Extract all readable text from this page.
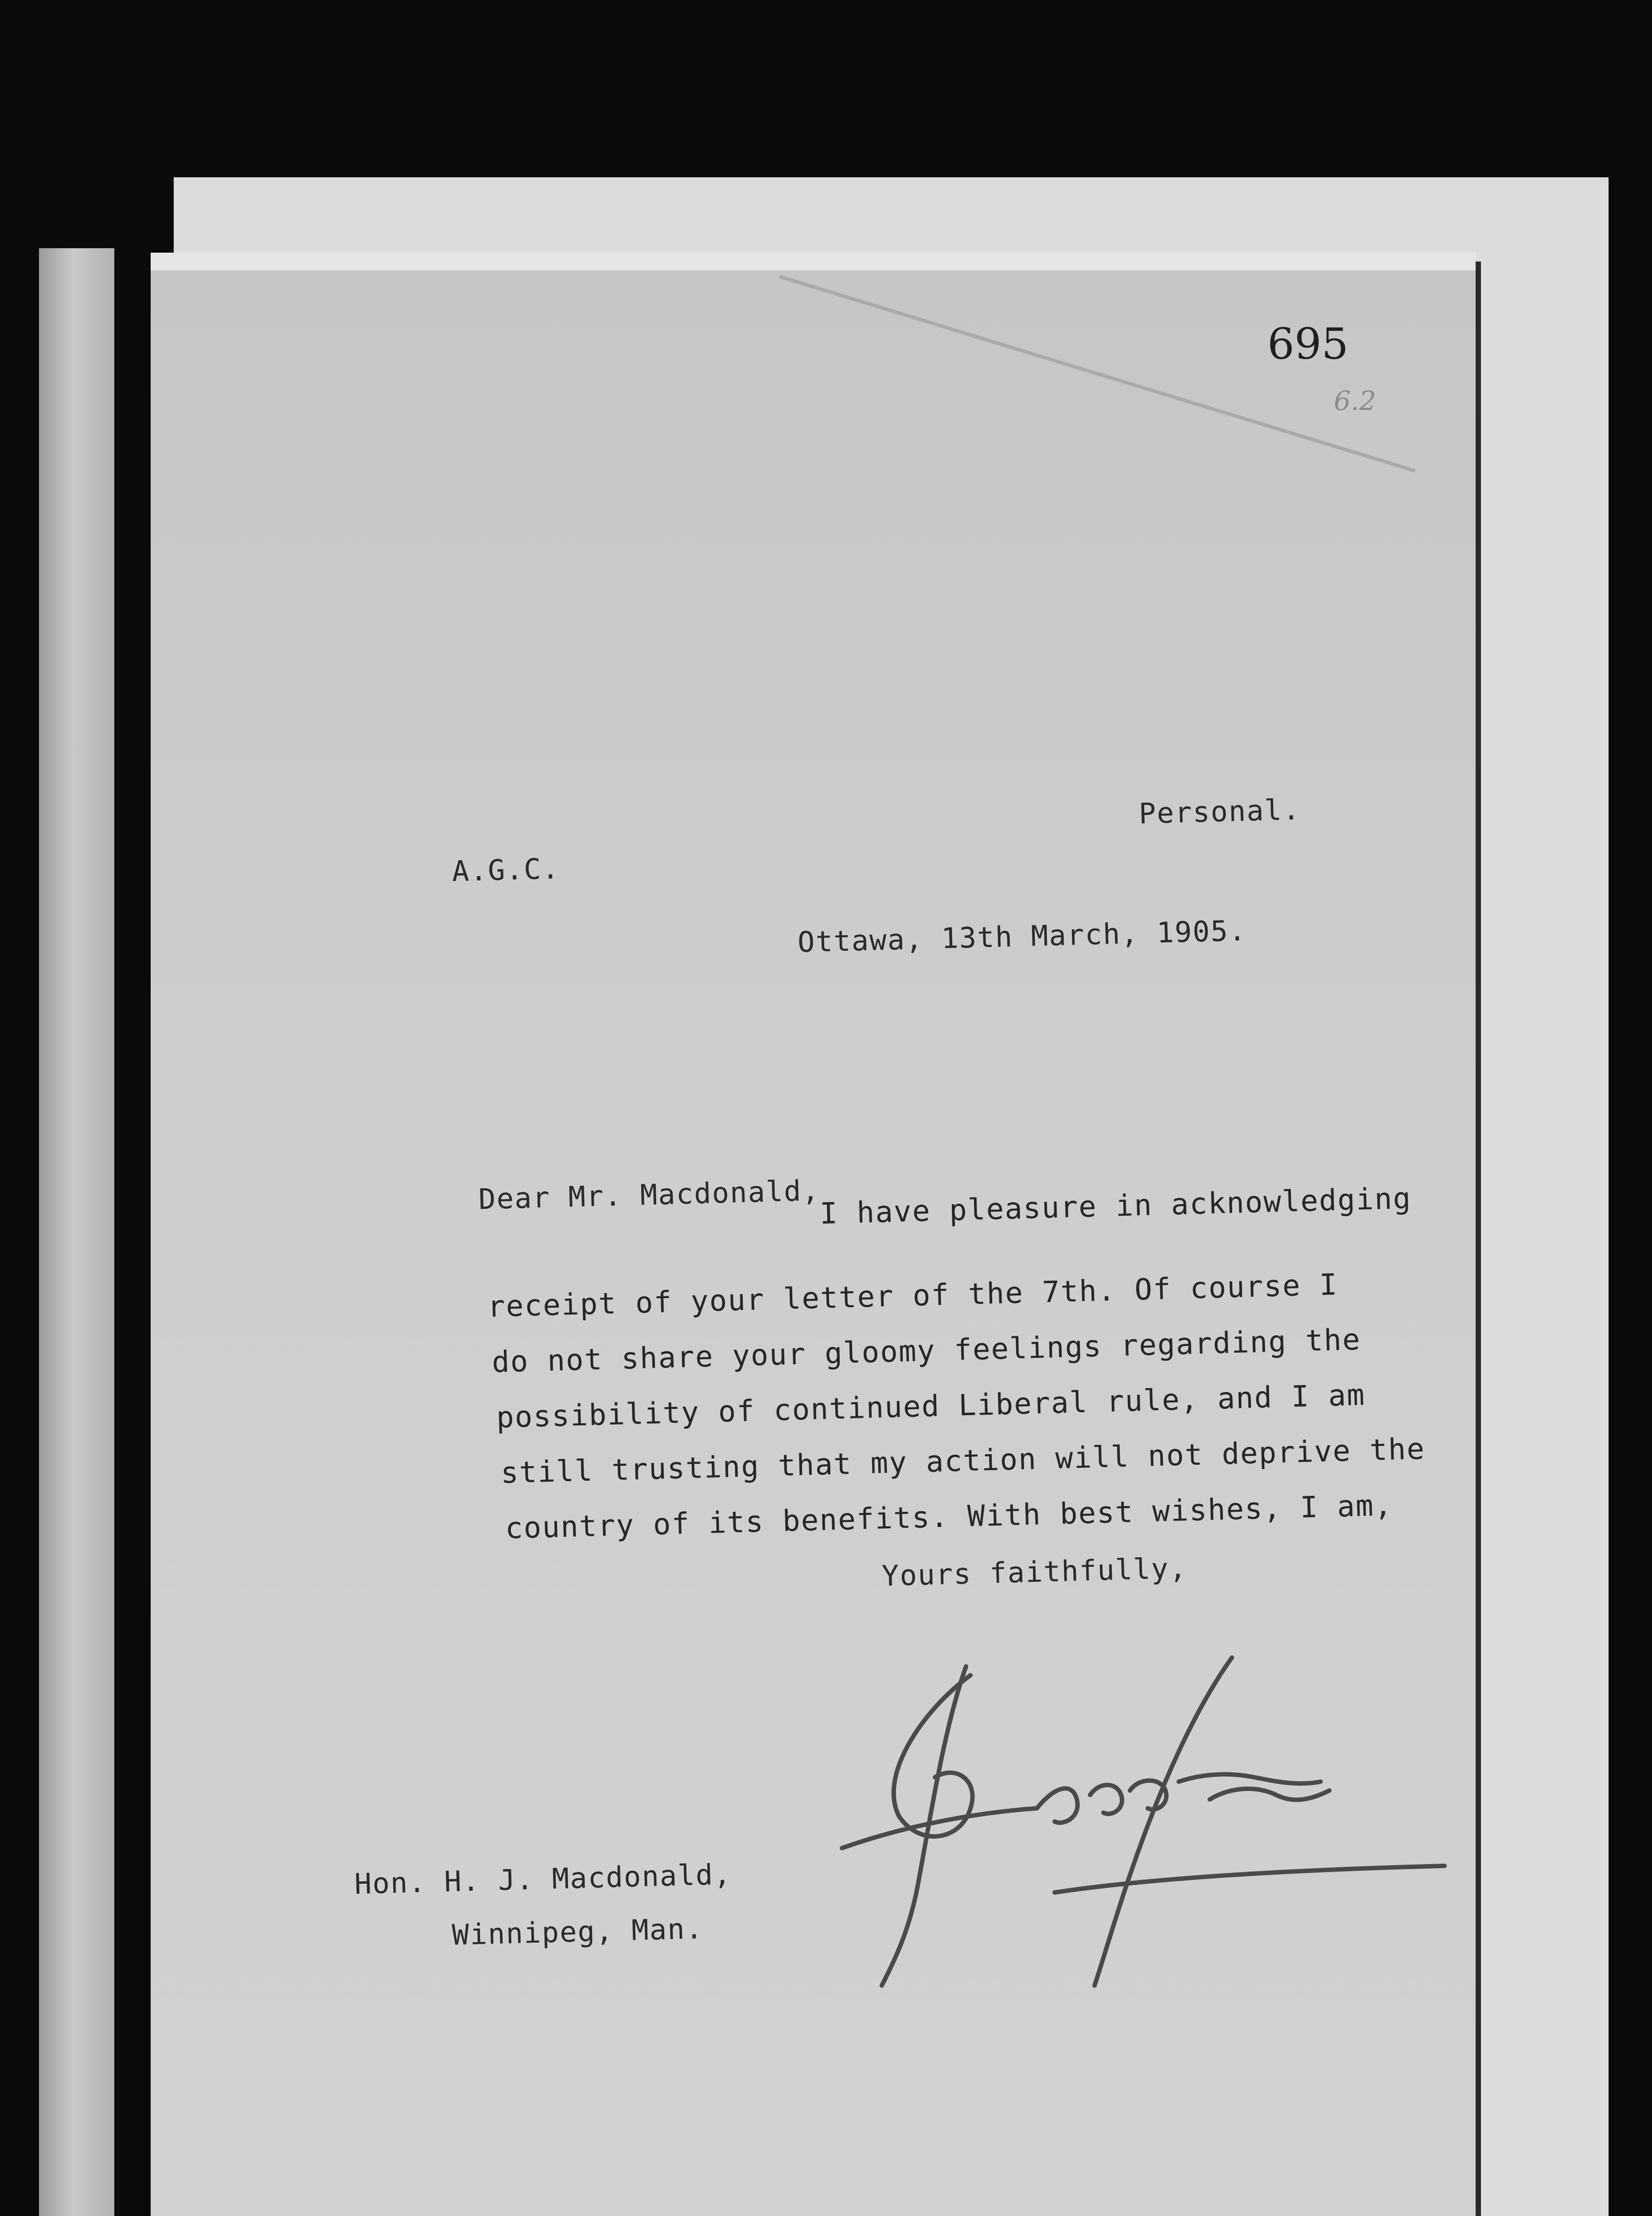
695
6.2
Personal.
A.G.C.
Ottawa, 13th March, 1905.
Dear Mr. Macdonald,
I have pleasure in acknowledging
receipt of your letter of the 7th. Of course I
do not share your gloomy feelings regarding the
possibility of continued Liberal rule, and I am
still trusting that my action will not deprive the
country of its benefits. With best wishes, I am,
Yours faithfully,
Hon. H. J. Macdonald,
Winnipeg, Man.
